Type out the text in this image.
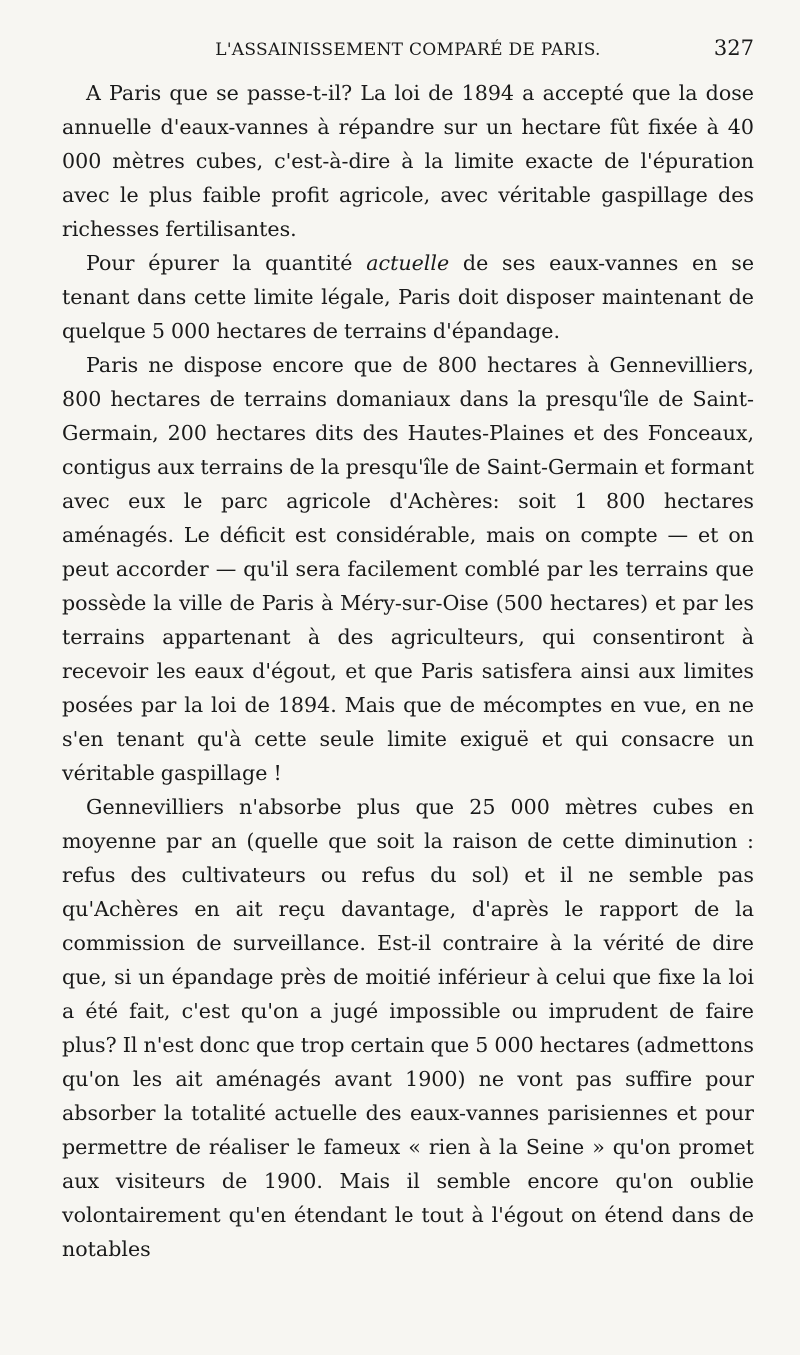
L'ASSAINISSEMENT COMPARÉ DE PARIS.	327

A Paris que se passe-t-il? La loi de 1894 a accepté que la dose annuelle d'eaux-vannes à répandre sur un hectare fût fixée à 40 000 mètres cubes, c'est-à-dire à la limite exacte de l'épuration avec le plus faible profit agricole, avec véritable gaspillage des richesses fertilisantes.

Pour épurer la quantité actuelle de ses eaux-vannes en se tenant dans cette limite légale, Paris doit disposer maintenant de quelque 5 000 hectares de terrains d'épandage.

Paris ne dispose encore que de 800 hectares à Gennevilliers, 800 hectares de terrains domaniaux dans la presqu'île de Saint-Germain, 200 hectares dits des Hautes-Plaines et des Fonceaux, contigus aux terrains de la presqu'île de Saint-Germain et formant avec eux le parc agricole d'Achères: soit 1 800 hectares aménagés. Le déficit est considérable, mais on compte — et on peut accorder — qu'il sera facilement comblé par les terrains que possède la ville de Paris à Méry-sur-Oise (500 hectares) et par les terrains appartenant à des agriculteurs, qui consentiront à recevoir les eaux d'égout, et que Paris satisfera ainsi aux limites posées par la loi de 1894. Mais que de mécomptes en vue, en ne s'en tenant qu'à cette seule limite exiguë et qui consacre un véritable gaspillage !

Gennevilliers n'absorbe plus que 25 000 mètres cubes en moyenne par an (quelle que soit la raison de cette diminution : refus des cultivateurs ou refus du sol) et il ne semble pas qu'Achères en ait reçu davantage, d'après le rapport de la commission de surveillance. Est-il contraire à la vérité de dire que, si un épandage près de moitié inférieur à celui que fixe la loi a été fait, c'est qu'on a jugé impossible ou imprudent de faire plus? Il n'est donc que trop certain que 5 000 hectares (admettons qu'on les ait aménagés avant 1900) ne vont pas suffire pour absorber la totalité actuelle des eaux-vannes parisiennes et pour permettre de réaliser le fameux « rien à la Seine » qu'on promet aux visiteurs de 1900. Mais il semble encore qu'on oublie volontairement qu'en étendant le tout à l'égout on étend dans de notables
